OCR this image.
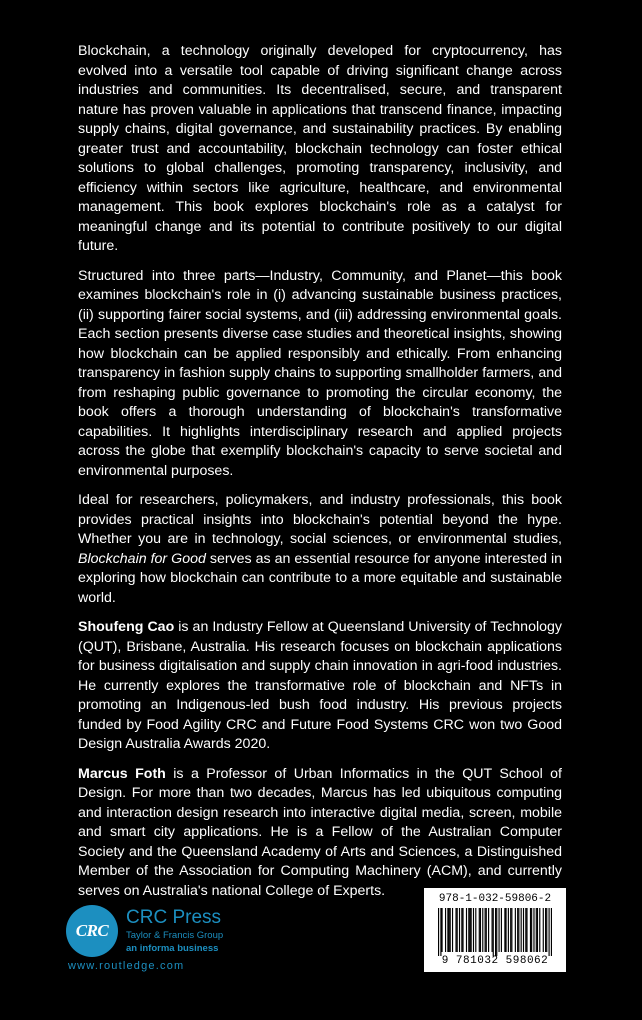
Blockchain, a technology originally developed for cryptocurrency, has evolved into a versatile tool capable of driving significant change across industries and communities. Its decentralised, secure, and transparent nature has proven valuable in applications that transcend finance, impacting supply chains, digital governance, and sustainability practices. By enabling greater trust and accountability, blockchain technology can foster ethical solutions to global challenges, promoting transparency, inclusivity, and efficiency within sectors like agriculture, healthcare, and environmental management. This book explores blockchain's role as a catalyst for meaningful change and its potential to contribute positively to our digital future.

Structured into three parts—Industry, Community, and Planet—this book examines blockchain's role in (i) advancing sustainable business practices, (ii) supporting fairer social systems, and (iii) addressing environmental goals. Each section presents diverse case studies and theoretical insights, showing how blockchain can be applied responsibly and ethically. From enhancing transparency in fashion supply chains to supporting smallholder farmers, and from reshaping public governance to promoting the circular economy, the book offers a thorough understanding of blockchain's transformative capabilities. It highlights interdisciplinary research and applied projects across the globe that exemplify blockchain's capacity to serve societal and environmental purposes.

Ideal for researchers, policymakers, and industry professionals, this book provides practical insights into blockchain's potential beyond the hype. Whether you are in technology, social sciences, or environmental studies, Blockchain for Good serves as an essential resource for anyone interested in exploring how blockchain can contribute to a more equitable and sustainable world.

Shoufeng Cao is an Industry Fellow at Queensland University of Technology (QUT), Brisbane, Australia. His research focuses on blockchain applications for business digitalisation and supply chain innovation in agri-food industries. He currently explores the transformative role of blockchain and NFTs in promoting an Indigenous-led bush food industry. His previous projects funded by Food Agility CRC and Future Food Systems CRC won two Good Design Australia Awards 2020.

Marcus Foth is a Professor of Urban Informatics in the QUT School of Design. For more than two decades, Marcus has led ubiquitous computing and interaction design research into interactive digital media, screen, mobile and smart city applications. He is a Fellow of the Australian Computer Society and the Queensland Academy of Arts and Sciences, a Distinguished Member of the Association for Computing Machinery (ACM), and currently serves on Australia's national College of Experts.

CRC
CRC Press
Taylor & Francis Group
an informa business
www.routledge.com
978-1-032-59806-2
9 781032 598062
